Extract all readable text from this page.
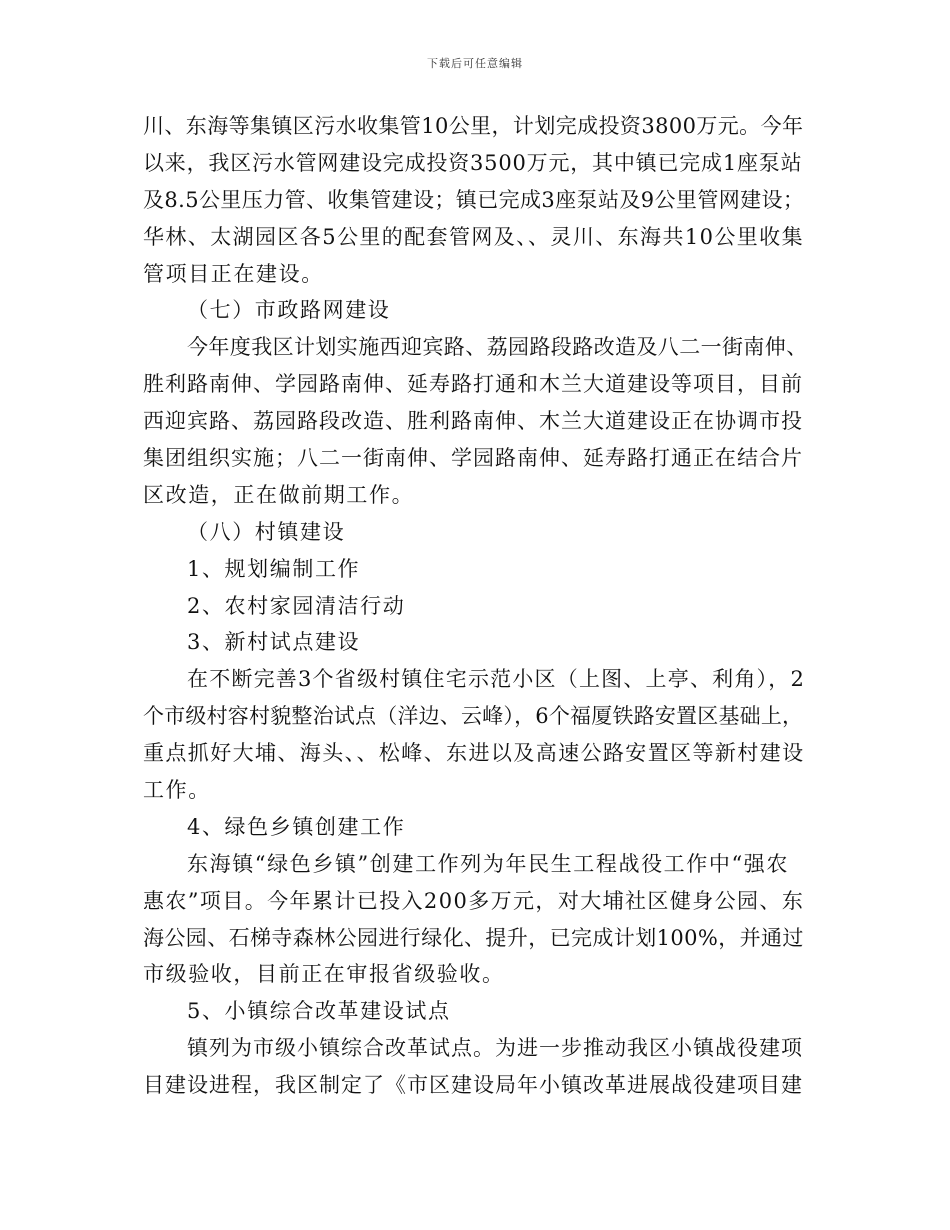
下载后可任意编辑
川、东海等集镇区污水收集管10公里，计划完成投资3800万元。今年
以来，我区污水管网建设完成投资3500万元，其中镇已完成1座泵站
及8.5公里压力管、收集管建设；镇已完成3座泵站及9公里管网建设；
华林、太湖园区各5公里的配套管网及、、灵川、东海共10公里收集
管项目正在建设。
（七）市政路网建设
今年度我区计划实施西迎宾路、荔园路段路改造及八二一街南伸、
胜利路南伸、学园路南伸、延寿路打通和木兰大道建设等项目，目前
西迎宾路、荔园路段改造、胜利路南伸、木兰大道建设正在协调市投
集团组织实施；八二一街南伸、学园路南伸、延寿路打通正在结合片
区改造，正在做前期工作。
（八）村镇建设
1、规划编制工作
2、农村家园清洁行动
3、新村试点建设
在不断完善3个省级村镇住宅示范小区（上图、上亭、利角），2
个市级村容村貌整治试点（洋边、云峰），6个福厦铁路安置区基础上，
重点抓好大埔、海头、、松峰、东进以及高速公路安置区等新村建设
工作。
4、绿色乡镇创建工作
东海镇“绿色乡镇”创建工作列为年民生工程战役工作中“强农
惠农”项目。今年累计已投入200多万元，对大埔社区健身公园、东
海公园、石梯寺森林公园进行绿化、提升，已完成计划100%，并通过
市级验收，目前正在审报省级验收。
5、小镇综合改革建设试点
镇列为市级小镇综合改革试点。为进一步推动我区小镇战役建项
目建设进程，我区制定了《市区建设局年小镇改革进展战役建项目建
